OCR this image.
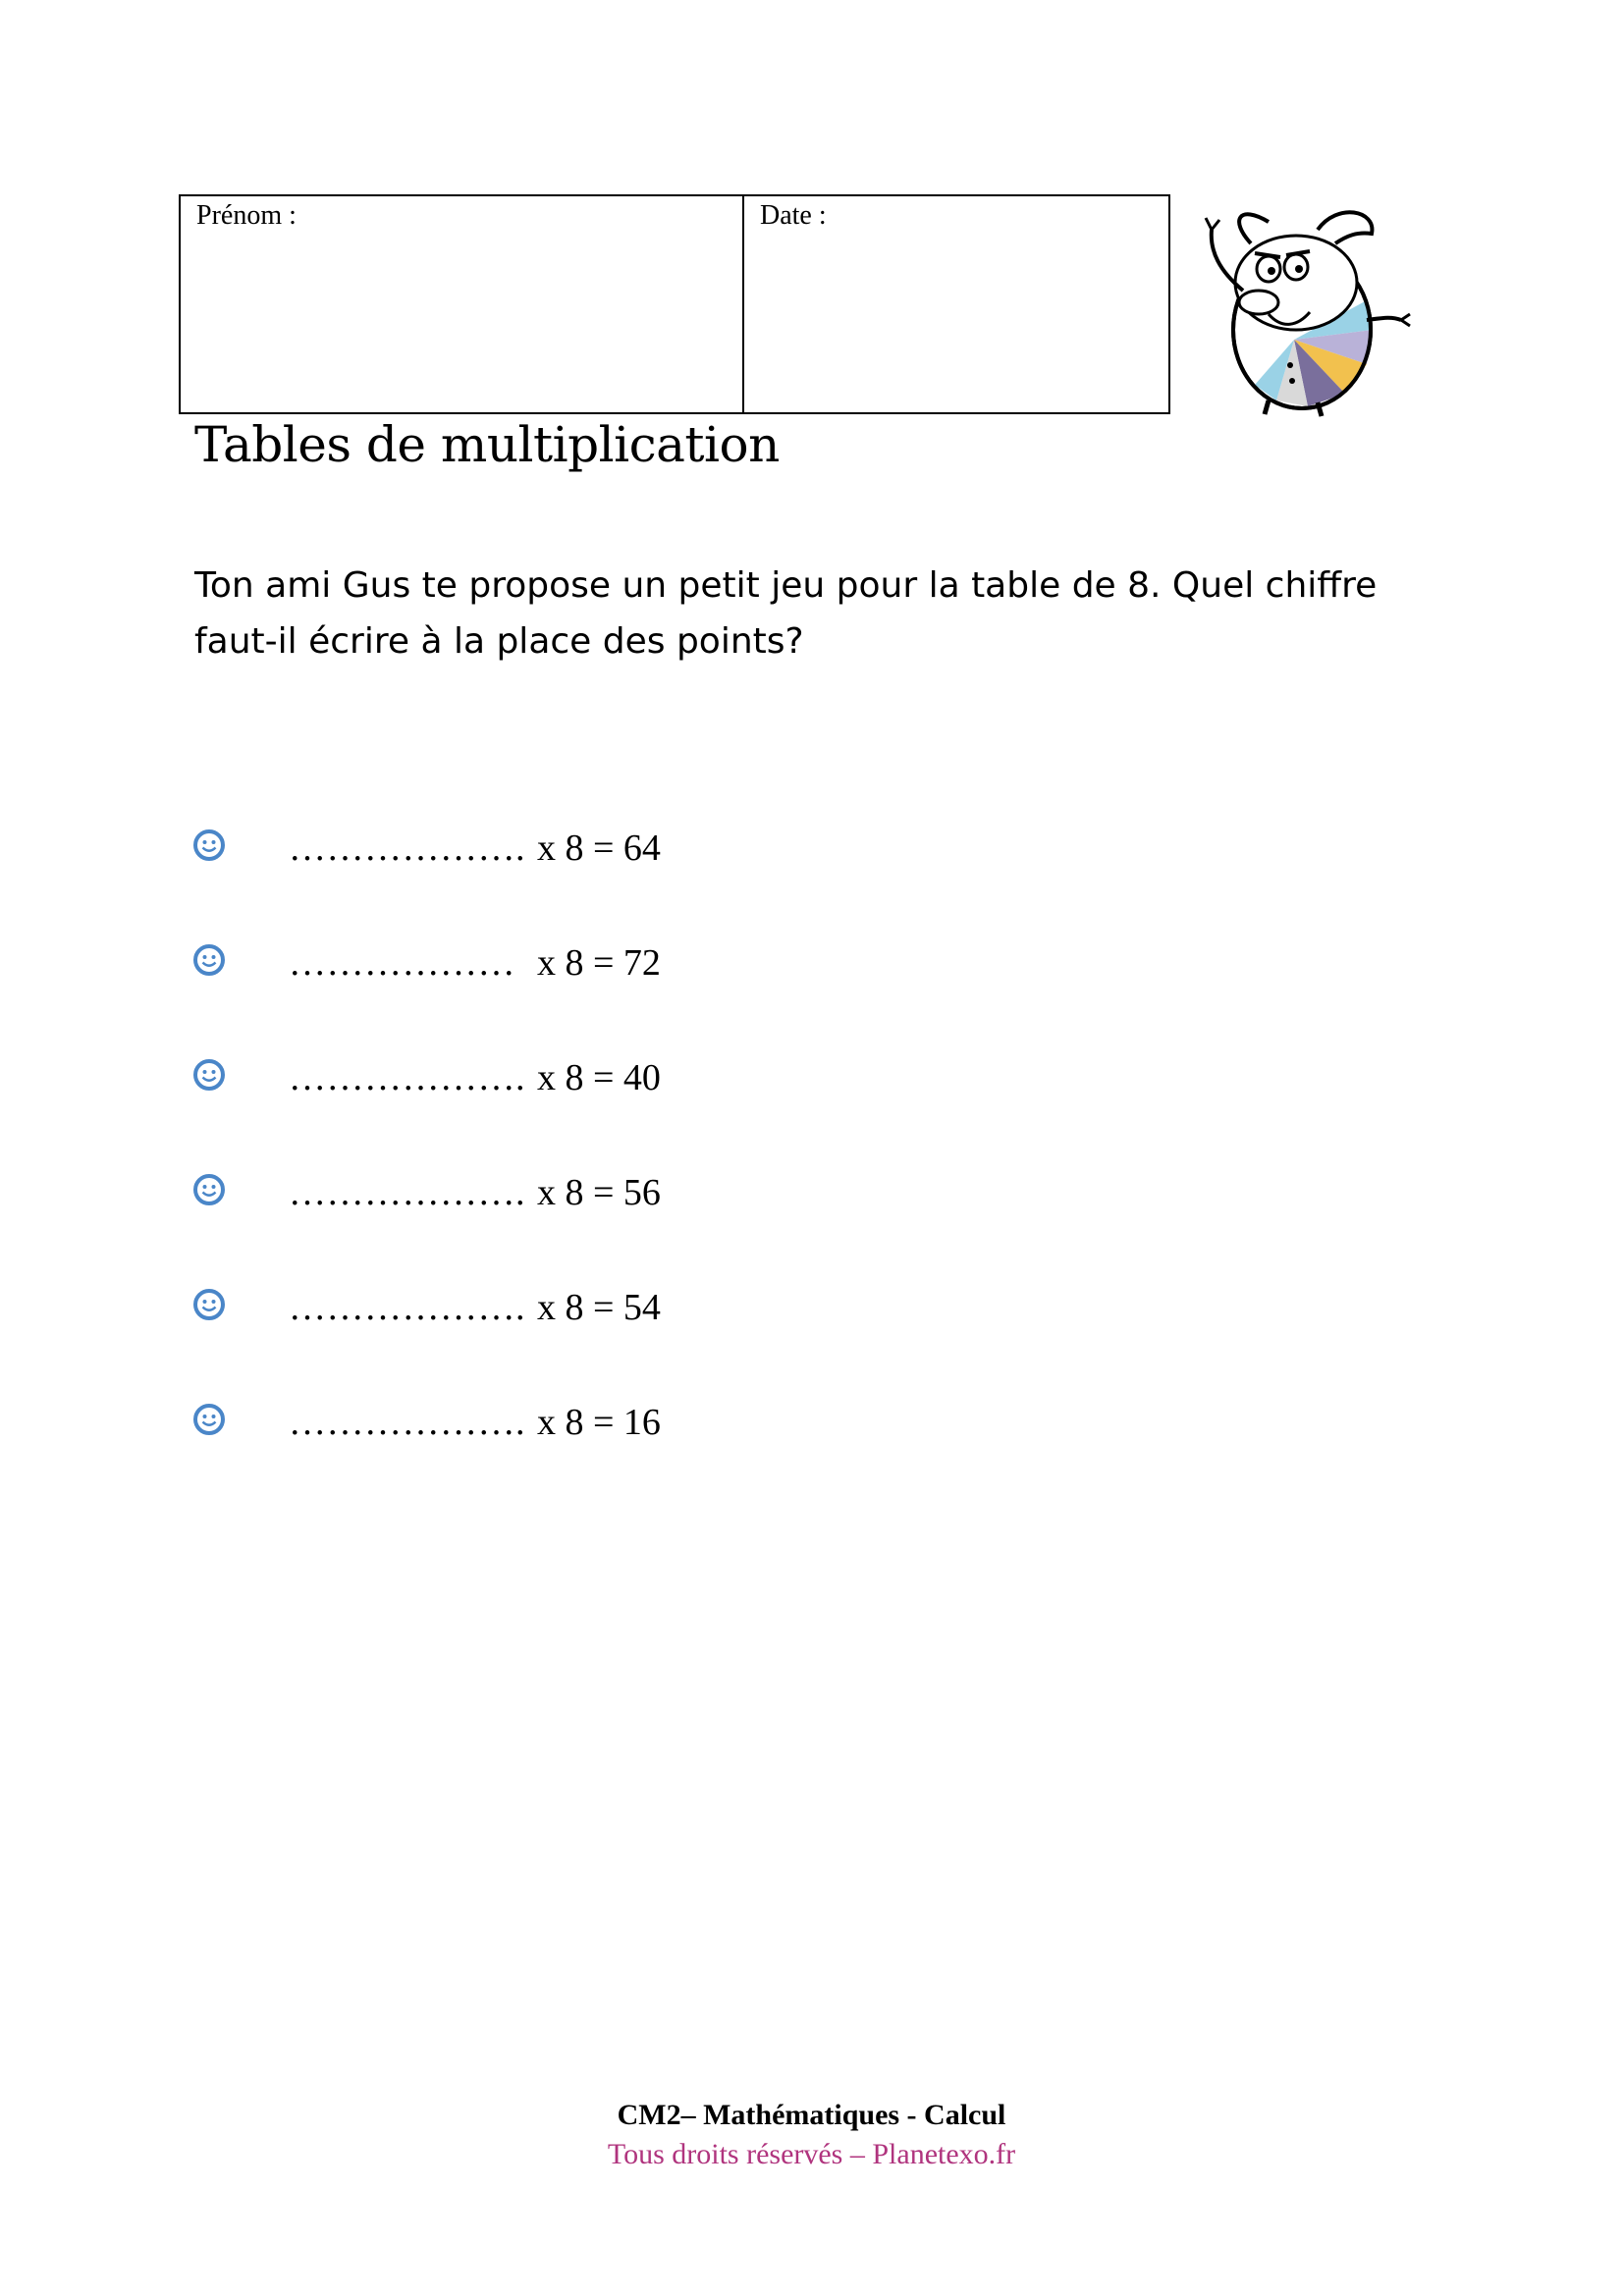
Prénom :	Date :
Tables de multiplication

Ton ami Gus te propose un petit jeu pour la table de 8. Quel chiffre faut-il écrire à la place des points?

………………. x 8 = 64
……………… x 8 = 72
………………. x 8 = 40
………………. x 8 = 56
………………. x 8 = 54
………………. x 8 = 16
CM2– Mathématiques - Calcul
Tous droits réservés – Planetexo.fr
